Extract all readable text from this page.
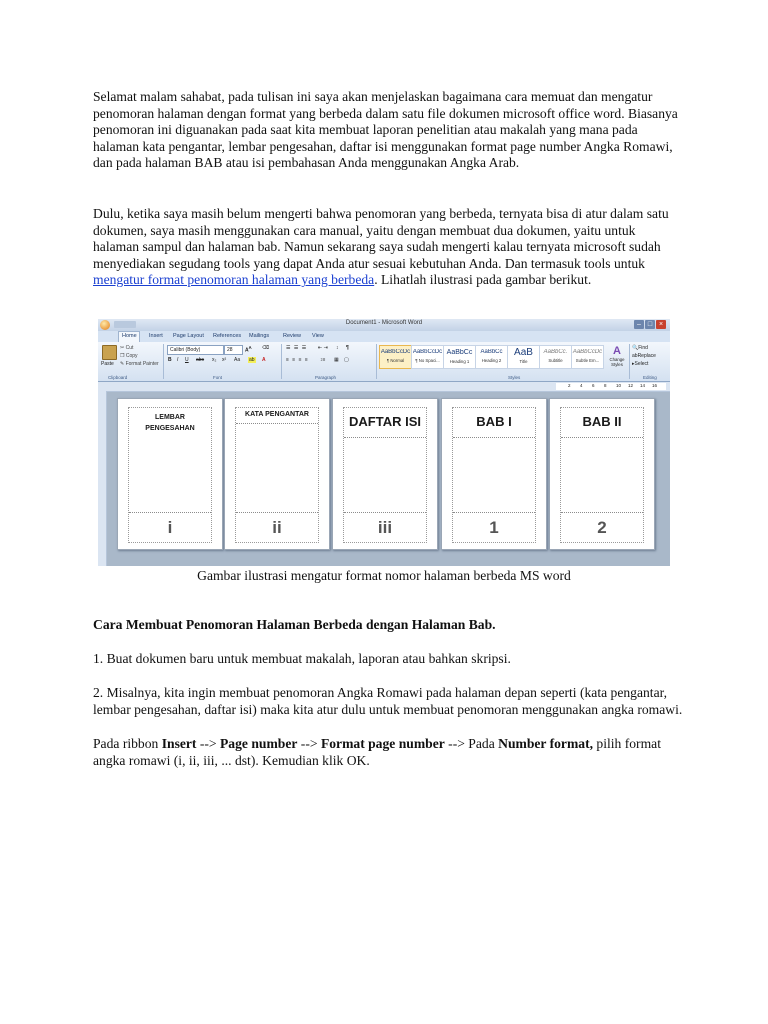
Selamat malam sahabat, pada tulisan ini saya akan menjelaskan bagaimana cara memuat dan mengatur penomoran halaman dengan format yang berbeda dalam satu file dokumen microsoft office word. Biasanya penomoran ini diguanakan pada saat kita membuat laporan penelitian atau makalah yang mana pada halaman kata pengantar, lembar pengesahan, daftar isi menggunakan format page number Angka Romawi, dan pada halaman BAB atau isi pembahasan Anda menggunakan Angka Arab.

Dulu, ketika saya masih belum mengerti bahwa penomoran yang berbeda, ternyata bisa di atur dalam satu dokumen, saya masih menggunakan cara manual, yaitu dengan membuat dua dokumen, yaitu untuk halaman sampul dan halaman bab. Namun sekarang saya sudah mengerti kalau ternyata microsoft sudah menyediakan segudang tools yang dapat Anda atur sesuai kebutuhan Anda. Dan termasuk tools untuk mengatur format penomoran halaman yang berbeda. Lihatlah ilustrasi pada gambar berikut.

Document1 - Microsoft Word	– □ ×
Home Insert Page Layout References Mailings	Review View
Paste
✂ Cut
❐ Copy
✎ Format Painter
Clipboard
Calibri (Body)	28 $A^A$ ⌫
B I U abc x₂ x² Aa ab A
Font
☰ ☰ ☰ ⇤ ⇥ ↕ ¶
≡ ≡ ≡ ≡ ↕≡ ▦ ▢
Paragraph
AaBbCcDc
¶ Normal
AaBbCcDc
¶ No Spaci...
AaBbCc
Heading 1
AaBbCc
Heading 2
AaB
Title
AaBbCc.
Subtitle
AaBbCcDc
Subtle Em...
A
Change Styles
Styles
🔍Find
abReplace
▸Select
Editing
2 4 6 8 10 12 14 16
LEMBAR PENGESAHAN
i
KATA PENGANTAR
ii
DAFTAR ISI
iii
BAB I
1
BAB II
2

Gambar ilustrasi mengatur format nomor halaman berbeda MS word

Cara Membuat Penomoran Halaman Berbeda dengan Halaman Bab.

1. Buat dokumen baru untuk membuat makalah, laporan atau bahkan skripsi.

2. Misalnya, kita ingin membuat penomoran Angka Romawi pada halaman depan seperti (kata pengantar, lembar pengesahan, daftar isi) maka kita atur dulu untuk membuat penomoran menggunakan angka romawi.

Pada ribbon Insert --> Page number --> Format page number --> Pada Number format, pilih format angka romawi (i, ii, iii, ... dst). Kemudian klik OK.
